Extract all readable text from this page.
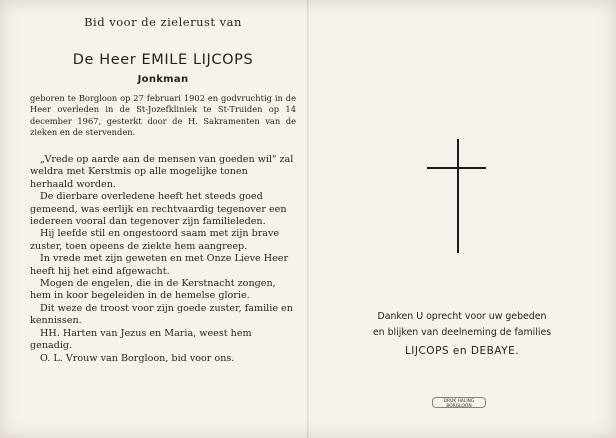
Bid voor de zielerust van
De Heer EMILE LIJCOPS
Jonkman
geboren te Borgloon op 27 februari 1902 en godvruchtig in de Heer overleden in de St-Jozefkliniek te St-Truiden op 14 december 1967, gesterkt door de H. Sakramenten van de zieken en de stervenden.

„Vrede op aarde aan de mensen van goeden wil" zal weldra met Kerstmis op alle mogelijke tonen herhaald worden.

De dierbare overledene heeft het steeds goed gemeend, was eerlijk en rechtvaardig tegenover een iedereen vooral dan tegenover zijn familieleden.

Hij leefde stil en ongestoord saam met zijn brave zuster, toen opeens de ziekte hem aangreep.

In vrede met zijn geweten en met Onze Lieve Heer heeft hij het eind afgewacht.

Mogen de engelen, die in de Kerstnacht zongen, hem in koor begeleiden in de hemelse glorie.

Dit weze de troost voor zijn goede zuster, familie en kennissen.

HH. Harten van Jezus en Maria, weest hem genadig.

O. L. Vrouw van Borgloon, bid voor ons.

Danken U oprecht voor uw gebeden
en blijken van deelneming de families
LIJCOPS en DEBAYE.
DRUK HALING
BORGLOON
